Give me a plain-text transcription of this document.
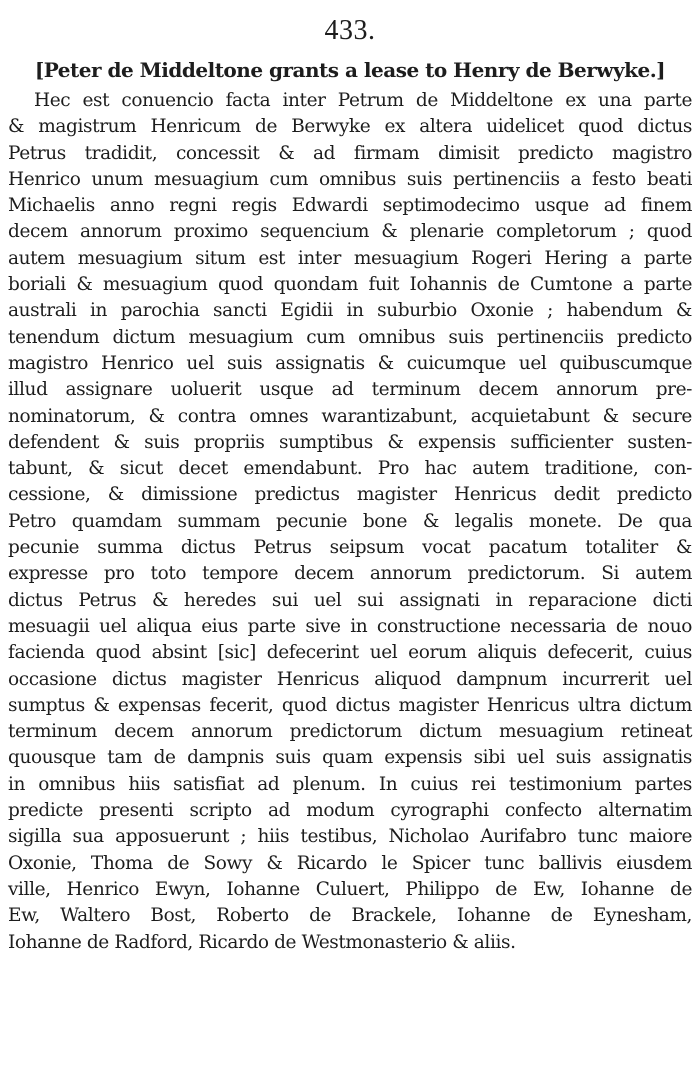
433.
[Peter de Middeltone grants a lease to Henry de Berwyke.]
Hec est conuencio facta inter Petrum de Middeltone ex una parte
& magistrum Henricum de Berwyke ex altera uidelicet quod dictus
Petrus tradidit, concessit & ad firmam dimisit predicto magistro
Henrico unum mesuagium cum omnibus suis pertinenciis a festo beati
Michaelis anno regni regis Edwardi septimodecimo usque ad finem
decem annorum proximo sequencium & plenarie completorum ; quod
autem mesuagium situm est inter mesuagium Rogeri Hering a parte
boriali & mesuagium quod quondam fuit Iohannis de Cumtone a parte
australi in parochia sancti Egidii in suburbio Oxonie ; habendum &
tenendum dictum mesuagium cum omnibus suis pertinenciis predicto
magistro Henrico uel suis assignatis & cuicumque uel quibuscumque
illud assignare uoluerit usque ad terminum decem annorum pre-
nominatorum, & contra omnes warantizabunt, acquietabunt & secure
defendent & suis propriis sumptibus & expensis sufficienter susten-
tabunt, & sicut decet emendabunt. Pro hac autem traditione, con-
cessione, & dimissione predictus magister Henricus dedit predicto
Petro quamdam summam pecunie bone & legalis monete. De qua
pecunie summa dictus Petrus seipsum vocat pacatum totaliter &
expresse pro toto tempore decem annorum predictorum. Si autem
dictus Petrus & heredes sui uel sui assignati in reparacione dicti
mesuagii uel aliqua eius parte sive in constructione necessaria de nouo
facienda quod absint [sic] defecerint uel eorum aliquis defecerit, cuius
occasione dictus magister Henricus aliquod dampnum incurrerit uel
sumptus & expensas fecerit, quod dictus magister Henricus ultra dictum
terminum decem annorum predictorum dictum mesuagium retineat
quousque tam de dampnis suis quam expensis sibi uel suis assignatis
in omnibus hiis satisfiat ad plenum. In cuius rei testimonium partes
predicte presenti scripto ad modum cyrographi confecto alternatim
sigilla sua apposuerunt ; hiis testibus, Nicholao Aurifabro tunc maiore
Oxonie, Thoma de Sowy & Ricardo le Spicer tunc ballivis eiusdem
ville, Henrico Ewyn, Iohanne Culuert, Philippo de Ew, Iohanne de
Ew, Waltero Bost, Roberto de Brackele, Iohanne de Eynesham,
Iohanne de Radford, Ricardo de Westmonasterio & aliis.
